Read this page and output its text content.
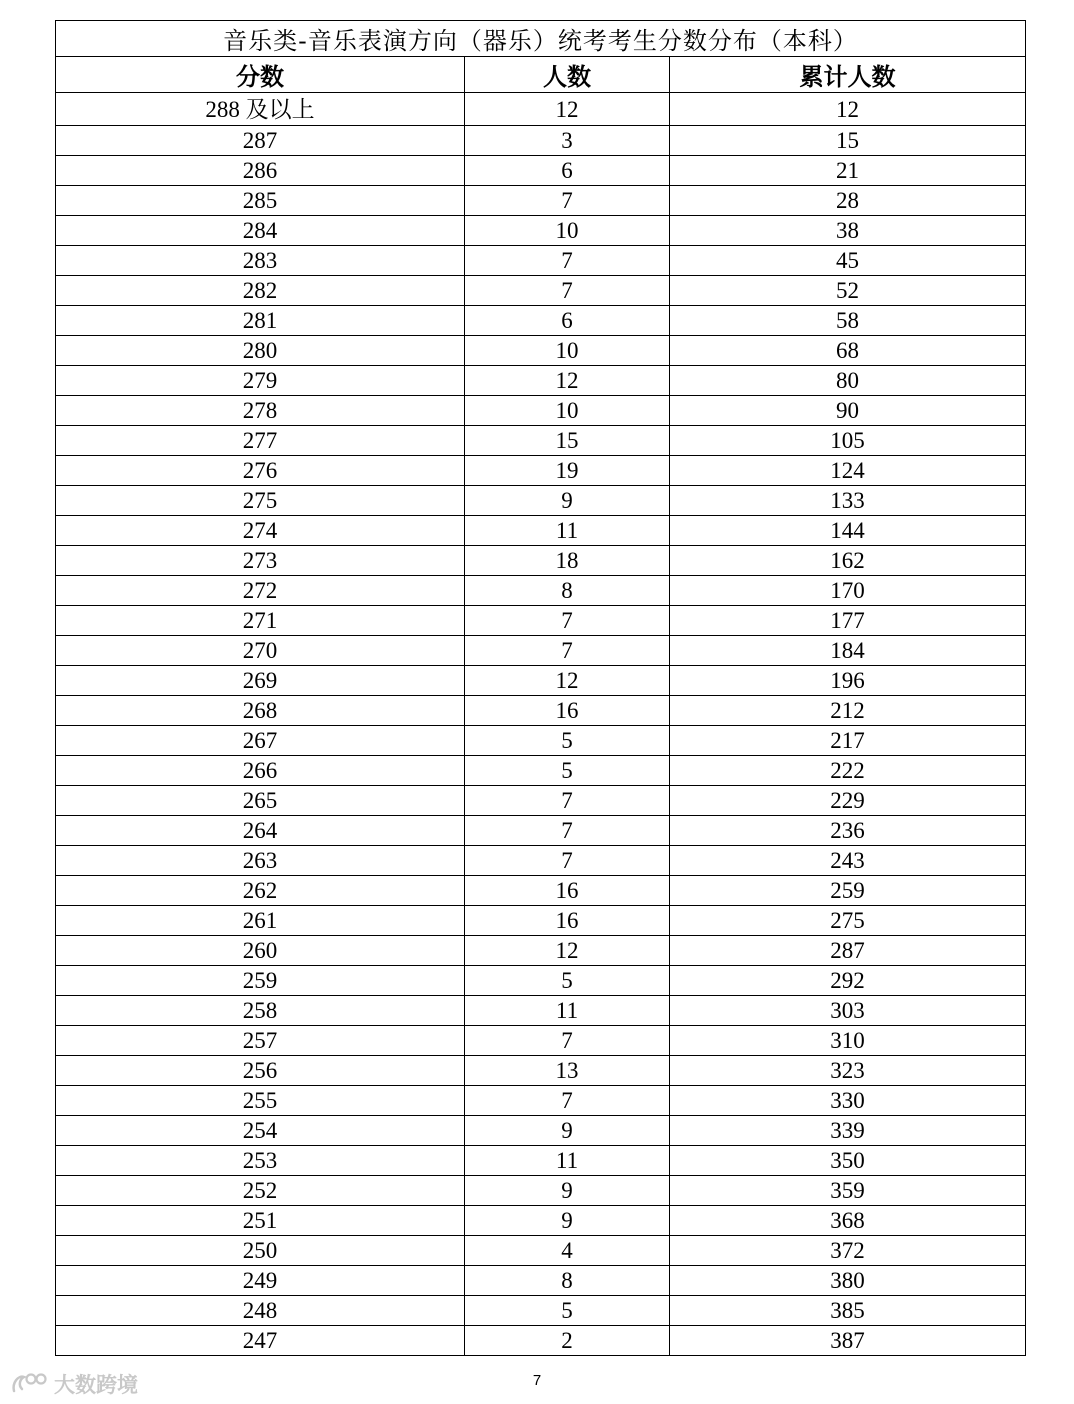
音乐类-音乐表演方向（器乐）统考考生分数分布（本科）		
分数	人数	累计人数
288 及以上	12	12
287	3	15
286	6	21
285	7	28
284	10	38
283	7	45
282	7	52
281	6	58
280	10	68
279	12	80
278	10	90
277	15	105
276	19	124
275	9	133
274	11	144
273	18	162
272	8	170
271	7	177
270	7	184
269	12	196
268	16	212
267	5	217
266	5	222
265	7	229
264	7	236
263	7	243
262	16	259
261	16	275
260	12	287
259	5	292
258	11	303
257	7	310
256	13	323
255	7	330
254	9	339
253	11	350
252	9	359
251	9	368
250	4	372
249	8	380
248	5	385
247	2	387
大数跨境	7
